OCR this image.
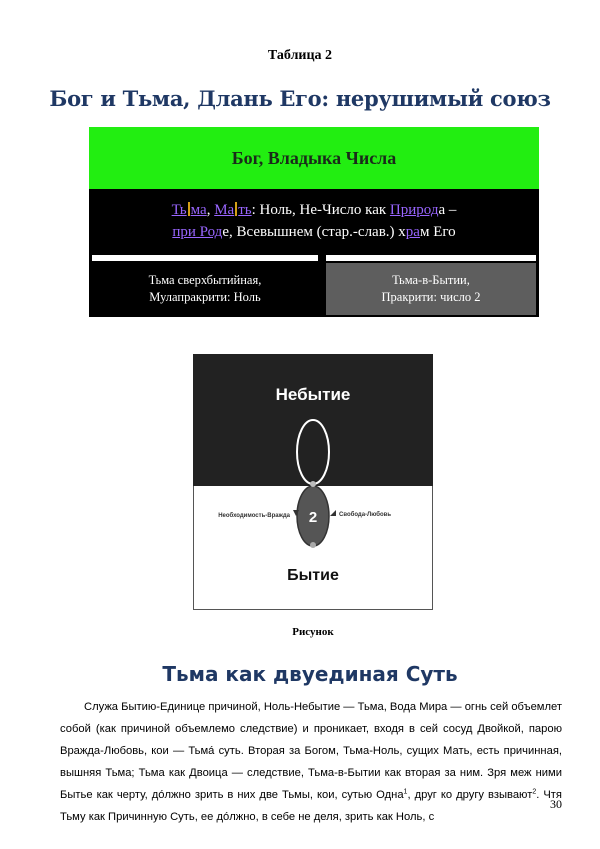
Таблица 2
Бог и Тьма, Длань Его: нерушимый союз
Бог, Владыка Числа
Ть ма, Ма ть: Ноль, Не-Число как Природа –
при Роде, Всевышнем (стар.-слав.) храм Его
Тьма сверхбытийная,
Мулапракрити: Ноль
Тьма-в-Бытии,
Пракрити: число 2
Небытие
2
Необходимость-Вражда	Свобода-Любовь
Бытие
Рисунок
Тьма как двуединая Суть
Служа Бытию-Единице причиной, Ноль-Небытие — Тьма, Вода Мира — огнь сей объемлет собой (как причиной объемлемо следствие) и проникает, входя в сей сосуд Двойкой, парою Вражда-Любовь, кои — Тьмá суть. Вторая за Богом, Тьма-Ноль, сущих Мать, есть причинная, вышняя Тьма; Тьма как Двоица — следствие, Тьма-в-Бытии как вторая за ним. Зря меж ними Бытье как черту, дóлжно зрить в них две Тьмы, кои, сутью Одна$^1$, друг ко другу взывают$^2$. Чтя Тьму как Причинную Суть, ее дóлжно, в себе не деля, зрить как Ноль, с
30
